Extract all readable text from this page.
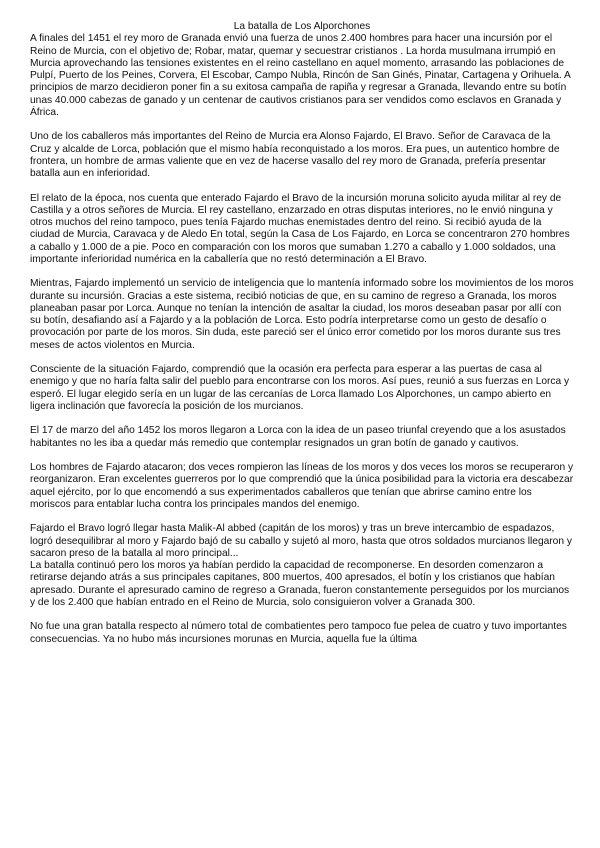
La batalla de Los Alporchones

A finales del 1451 el rey moro de Granada envió una fuerza de unos 2.400 hombres para hacer una incursión por el Reino de Murcia, con el objetivo de; Robar, matar, quemar y secuestrar cristianos . La horda musulmana irrumpió en Murcia aprovechando las tensiones existentes en el reino castellano en aquel momento, arrasando las poblaciones de Pulpí, Puerto de los Peines, Corvera, El Escobar, Campo Nubla, Rincón de San Ginés, Pinatar, Cartagena y Orihuela. A principios de marzo decidieron poner fin a su exitosa campaña de rapiña y regresar a Granada, llevando entre su botín unas 40.000 cabezas de ganado y un centenar de cautivos cristianos para ser vendidos como esclavos en Granada y África.

Uno de los caballeros más importantes del Reino de Murcia era Alonso Fajardo, El Bravo. Señor de Caravaca de la Cruz y alcalde de Lorca, población que el mismo había reconquistado a los moros. Era pues, un autentico hombre de frontera, un hombre de armas valiente que en vez de hacerse vasallo del rey moro de Granada, prefería presentar batalla aun en inferioridad.

El relato de la época, nos cuenta que enterado Fajardo el Bravo de la incursión moruna solicito ayuda militar al rey de Castilla y a otros señores de Murcia. El rey castellano, enzarzado en otras disputas interiores, no le envió ninguna y otros muchos del reino tampoco, pues tenía Fajardo muchas enemistades dentro del reino. Si recibió ayuda de la ciudad de Murcia, Caravaca y de Aledo En total, según la Casa de Los Fajardo, en Lorca se concentraron 270 hombres a caballo y 1.000 de a pie. Poco en comparación con los moros que sumaban 1.270 a caballo y 1.000 soldados, una importante inferioridad numérica en la caballería que no restó determinación a El Bravo.

Mientras, Fajardo implementó un servicio de inteligencia que lo mantenía informado sobre los movimientos de los moros durante su incursión. Gracias a este sistema, recibió noticias de que, en su camino de regreso a Granada, los moros planeaban pasar por Lorca. Aunque no tenían la intención de asaltar la ciudad, los moros deseaban pasar por allí con su botín, desafiando así a Fajardo y a la población de Lorca. Esto podría interpretarse como un gesto de desafío o provocación por parte de los moros. Sin duda, este pareció ser el único error cometido por los moros durante sus tres meses de actos violentos en Murcia.

Consciente de la situación Fajardo, comprendió que la ocasión era perfecta para esperar a las puertas de casa al enemigo y que no haría falta salir del pueblo para encontrarse con los moros. Así pues, reunió a sus fuerzas en Lorca y esperó. El lugar elegido sería en un lugar de las cercanías de Lorca llamado Los Alporchones, un campo abierto en ligera inclinación que favorecía la posición de los murcianos.

El 17 de marzo del año 1452 los moros llegaron a Lorca con la idea de un paseo triunfal creyendo que a los asustados habitantes no les iba a quedar más remedio que contemplar resignados un gran botín de ganado y cautivos.

Los hombres de Fajardo atacaron; dos veces rompieron las líneas de los moros y dos veces los moros se recuperaron y reorganizaron. Eran excelentes guerreros por lo que comprendió que la única posibilidad para la victoria era descabezar aquel ejército, por lo que encomendó a sus experimentados caballeros que tenían que abrirse camino entre los moriscos para entablar lucha contra los principales mandos del enemigo.

Fajardo el Bravo logró llegar hasta Malik-Al abbed (capitán de los moros) y tras un breve intercambio de espadazos, logró desequilibrar al moro y Fajardo bajó de su caballo y sujetó al moro, hasta que otros soldados murcianos llegaron y sacaron preso de la batalla al moro principal...

La batalla continuó pero los moros ya habían perdido la capacidad de recomponerse. En desorden comenzaron a retirarse dejando atrás a sus principales capitanes, 800 muertos, 400 apresados, el botín y los cristianos que habían apresado. Durante el apresurado camino de regreso a Granada, fueron constantemente perseguidos por los murcianos y de los 2.400 que habían entrado en el Reino de Murcia, solo consiguieron volver a Granada 300.

No fue una gran batalla respecto al número total de combatientes pero tampoco fue pelea de cuatro y tuvo importantes consecuencias. Ya no hubo más incursiones morunas en Murcia, aquella fue la última
